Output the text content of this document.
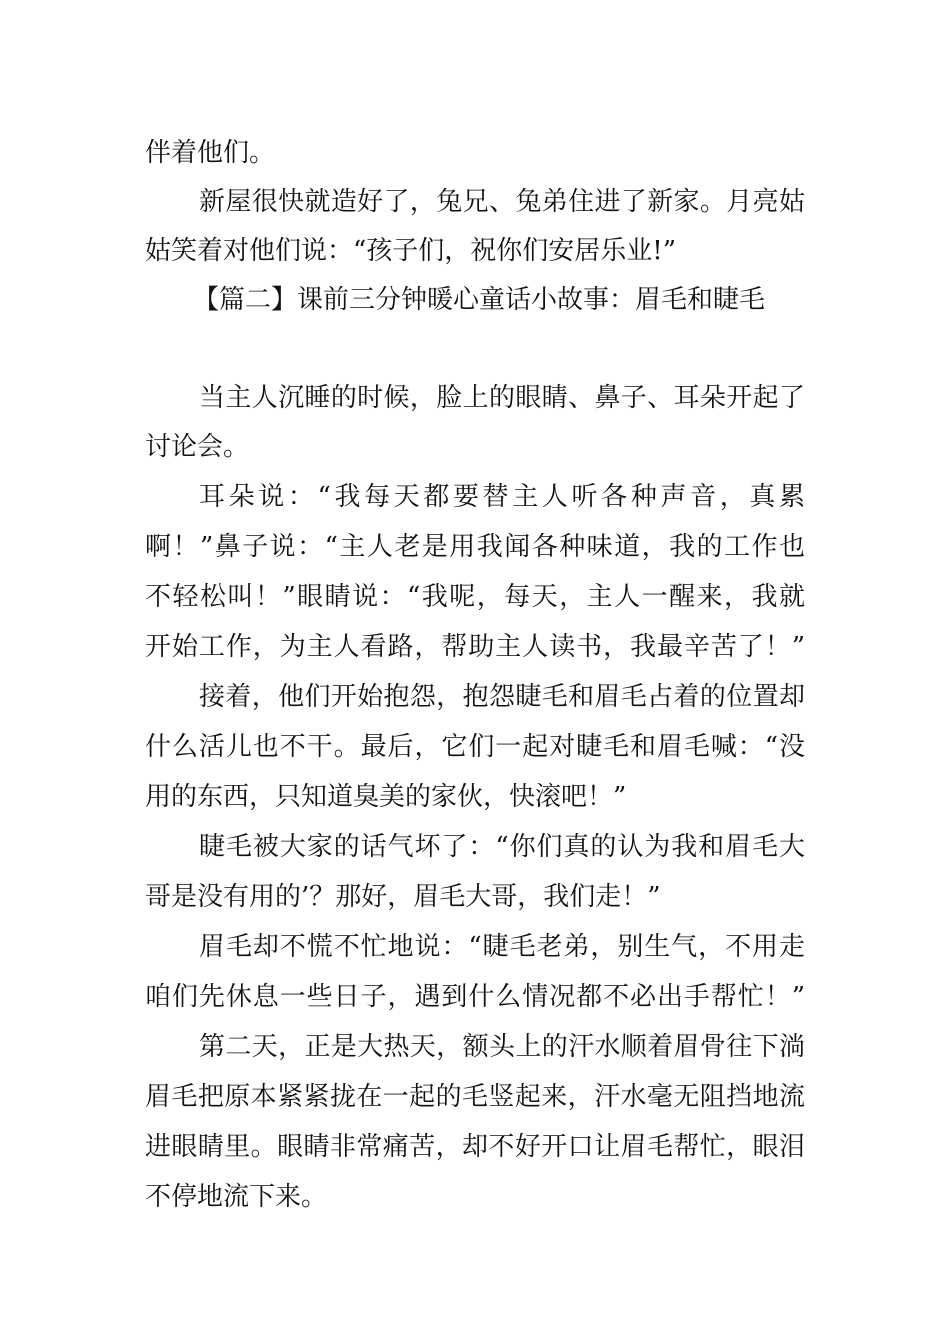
伴着他们。
新屋很快就造好了，兔兄、兔弟住进了新家。月亮姑
姑笑着对他们说：“孩子们，祝你们安居乐业!”
【篇二】课前三分钟暖心童话小故事：眉毛和睫毛
当主人沉睡的时候，脸上的眼睛、鼻子、耳朵开起了
讨论会。
耳朵说：“我每天都要替主人听各种声音，真累
啊！”鼻子说：“主人老是用我闻各种味道，我的工作也
不轻松叫！”眼睛说：“我呢，每天，主人一醒来，我就
开始工作，为主人看路，帮助主人读书，我最辛苦了！”
接着，他们开始抱怨，抱怨睫毛和眉毛占着的位置却
什么活儿也不干。最后，它们一起对睫毛和眉毛喊：“没
用的东西，只知道臭美的家伙，快滚吧！”
睫毛被大家的话气坏了：“你们真的认为我和眉毛大
哥是没有用的’？那好，眉毛大哥，我们走！”
眉毛却不慌不忙地说：“睫毛老弟，别生气，不用走
咱们先休息一些日子，遇到什么情况都不必出手帮忙！”
第二天，正是大热天，额头上的汗水顺着眉骨往下淌
眉毛把原本紧紧拢在一起的毛竖起来，汗水毫无阻挡地流
进眼睛里。眼睛非常痛苦，却不好开口让眉毛帮忙，眼泪
不停地流下来。
